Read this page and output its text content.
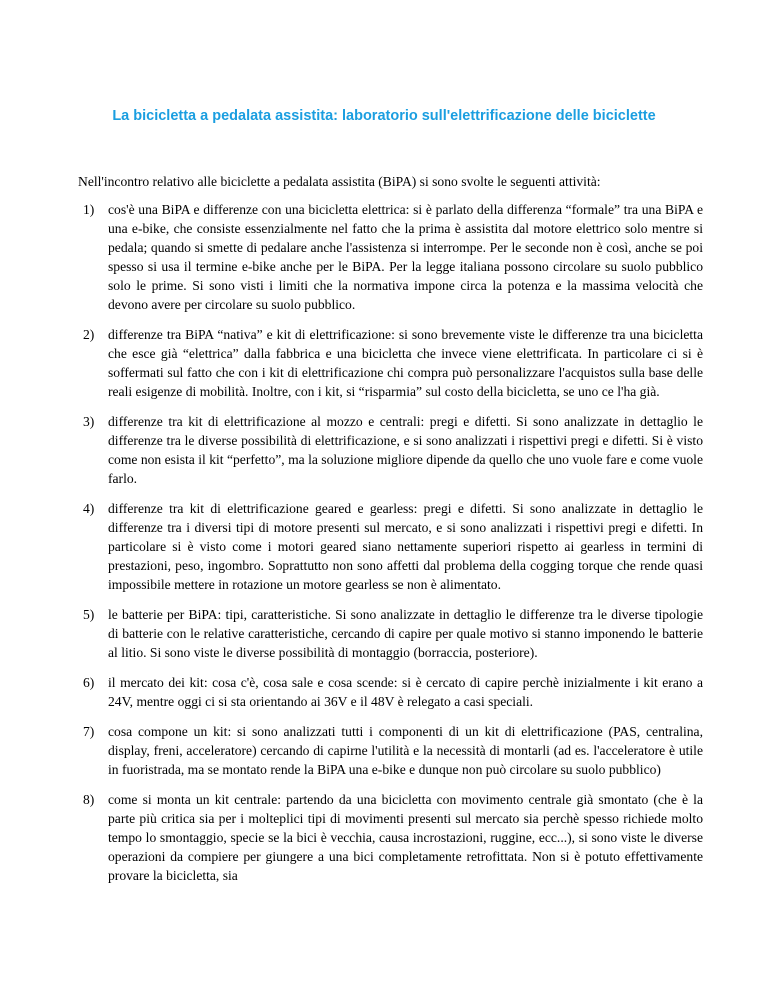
La bicicletta a pedalata assistita: laboratorio sull'elettrificazione delle biciclette

Nell'incontro relativo alle biciclette a pedalata assistita (BiPA) si sono svolte le seguenti attività:

1) cos'è una BiPA e differenze con una bicicletta elettrica: si è parlato della differenza “formale” tra una BiPA e una e-bike, che consiste essenzialmente nel fatto che la prima è assistita dal motore elettrico solo mentre si pedala; quando si smette di pedalare anche l'assistenza si interrompe. Per le seconde non è così, anche se poi spesso si usa il termine e-bike anche per le BiPA. Per la legge italiana possono circolare su suolo pubblico solo le prime. Si sono visti i limiti che la normativa impone circa la potenza e la massima velocità che devono avere per circolare su suolo pubblico.
2) differenze tra BiPA “nativa” e kit di elettrificazione: si sono brevemente viste le differenze tra una bicicletta che esce già “elettrica” dalla fabbrica e una bicicletta che invece viene elettrificata. In particolare ci si è soffermati sul fatto che con i kit di elettrificazione chi compra può personalizzare l'acquistos sulla base delle reali esigenze di mobilità. Inoltre, con i kit, si “risparmia” sul costo della bicicletta, se uno ce l'ha già.
3) differenze tra kit di elettrificazione al mozzo e centrali: pregi e difetti. Si sono analizzate in dettaglio le differenze tra le diverse possibilità di elettrificazione, e si sono analizzati i rispettivi pregi e difetti. Si è visto come non esista il kit “perfetto”, ma la soluzione migliore dipende da quello che uno vuole fare e come vuole farlo.
4) differenze tra kit di elettrificazione geared e gearless: pregi e difetti. Si sono analizzate in dettaglio le differenze tra i diversi tipi di motore presenti sul mercato, e si sono analizzati i rispettivi pregi e difetti. In particolare si è visto come i motori geared siano nettamente superiori rispetto ai gearless in termini di prestazioni, peso, ingombro. Soprattutto non sono affetti dal problema della cogging torque che rende quasi impossibile mettere in rotazione un motore gearless se non è alimentato.
5) le batterie per BiPA: tipi, caratteristiche. Si sono analizzate in dettaglio le differenze tra le diverse tipologie di batterie con le relative caratteristiche, cercando di capire per quale motivo si stanno imponendo le batterie al litio. Si sono viste le diverse possibilità di montaggio (borraccia, posteriore).
6) il mercato dei kit: cosa c'è, cosa sale e cosa scende: si è cercato di capire perchè inizialmente i kit erano a 24V, mentre oggi ci si sta orientando ai 36V e il 48V è relegato a casi speciali.
7) cosa compone un kit: si sono analizzati tutti i componenti di un kit di elettrificazione (PAS, centralina, display, freni, acceleratore) cercando di capirne l'utilità e la necessità di montarli (ad es. l'acceleratore è utile in fuoristrada, ma se montato rende la BiPA una e-bike e dunque non può circolare su suolo pubblico)
8) come si monta un kit centrale: partendo da una bicicletta con movimento centrale già smontato (che è la parte più critica sia per i molteplici tipi di movimenti presenti sul mercato sia perchè spesso richiede molto tempo lo smontaggio, specie se la bici è vecchia, causa incrostazioni, ruggine, ecc...), si sono viste le diverse operazioni da compiere per giungere a una bici completamente retrofittata. Non si è potuto effettivamente provare la bicicletta, sia
